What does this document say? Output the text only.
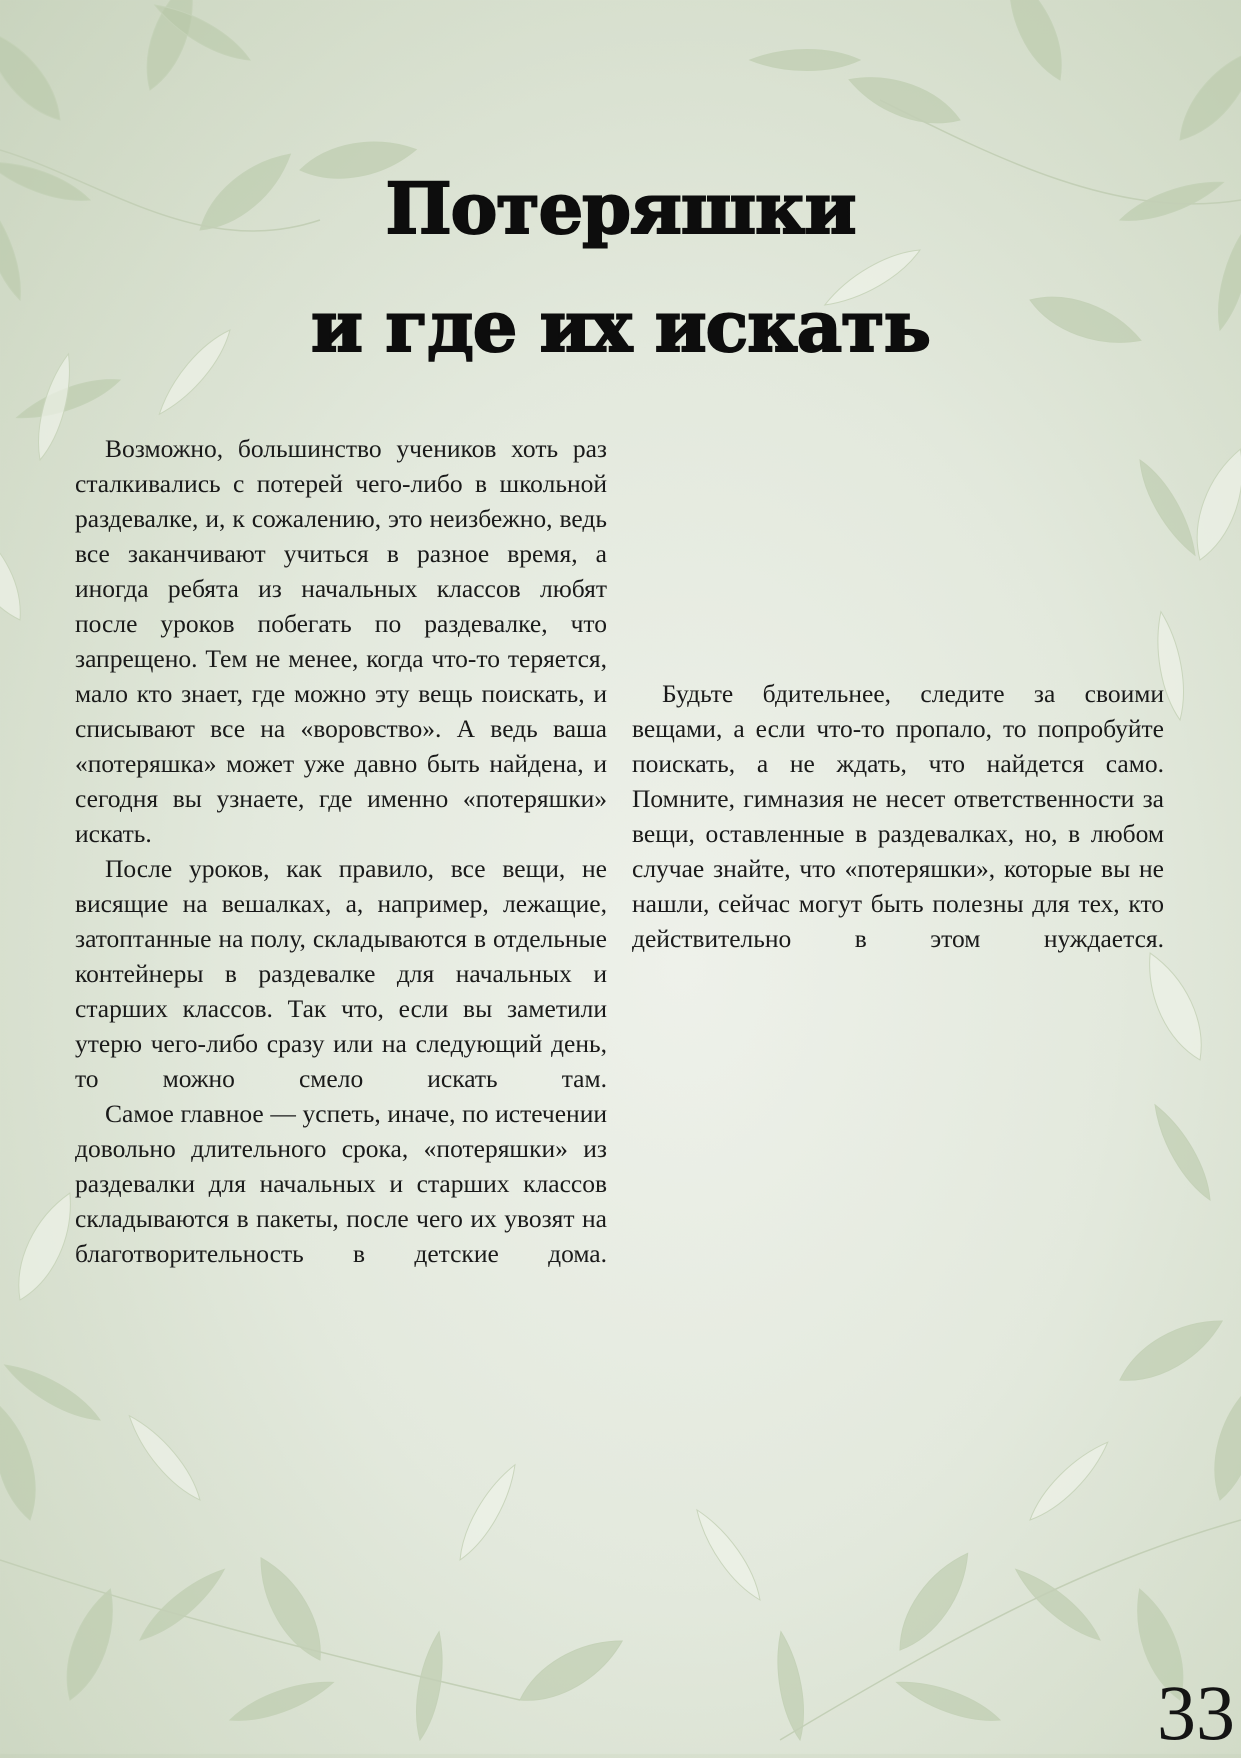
Потеряшки
и где их искать

Возможно, большинство учеников хоть раз сталкивались с потерей чего-либо в школьной раздевалке, и, к сожалению, это неизбежно, ведь все заканчивают учиться в разное время, а иногда ребята из начальных классов любят после уроков побегать по раздевалке, что запрещено. Тем не менее, когда что-то теряется, мало кто знает, где можно эту вещь поискать, и списывают все на «воровство». А ведь ваша «потеряшка» может уже давно быть найдена, и сегодня вы узнаете, где именно «потеряшки» искать.

После уроков, как правило, все вещи, не висящие на вешалках, а, например, лежащие, затоптанные на полу, складываются в отдельные контейнеры в раздевалке для начальных и старших классов. Так что, если вы заметили утерю чего-либо сразу или на следующий день, то можно смело искать там.

Самое главное — успеть, иначе, по истечении довольно длительного срока, «потеряшки» из раздевалки для начальных и старших классов складываются в пакеты, после чего их увозят на благотворительность в детские дома.

Будьте бдительнее, следите за своими вещами, а если что-то пропало, то попробуйте поискать, а не ждать, что найдется само. Помните, гимназия не несет ответственности за вещи, оставленные в раздевалках, но, в любом случае знайте, что «потеряшки», которые вы не нашли, сейчас могут быть полезны для тех, кто действительно в этом нуждается.

33
